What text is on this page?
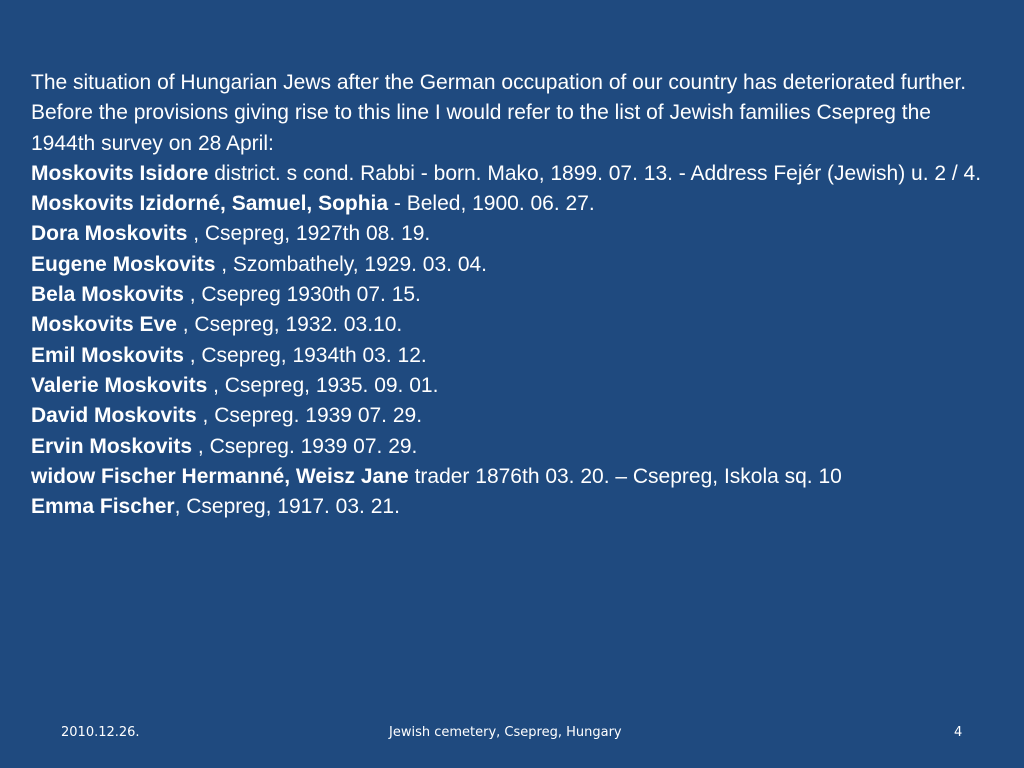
The situation of Hungarian Jews after the German occupation of our country has deteriorated further. Before the provisions giving rise to this line I would refer to the list of Jewish families Csepreg the 1944th survey on 28 April:

Moskovits Isidore district. s cond. Rabbi - born. Mako, 1899. 07. 13. - Address Fejér (Jewish) u. 2 / 4.

Moskovits Izidorné, Samuel, Sophia - Beled, 1900. 06. 27.

Dora Moskovits , Csepreg, 1927th 08. 19.

Eugene Moskovits , Szombathely, 1929. 03. 04.

Bela Moskovits , Csepreg 1930th 07. 15.

Moskovits Eve , Csepreg, 1932. 03.10.

Emil Moskovits , Csepreg, 1934th 03. 12.

Valerie Moskovits , Csepreg, 1935. 09. 01.

David Moskovits , Csepreg. 1939 07. 29.

Ervin Moskovits , Csepreg. 1939 07. 29.

widow Fischer Hermanné, Weisz Jane trader 1876th 03. 20. – Csepreg, Iskola sq. 10

Emma Fischer, Csepreg, 1917. 03. 21.

2010.12.26.	Jewish cemetery, Csepreg, Hungary	4
